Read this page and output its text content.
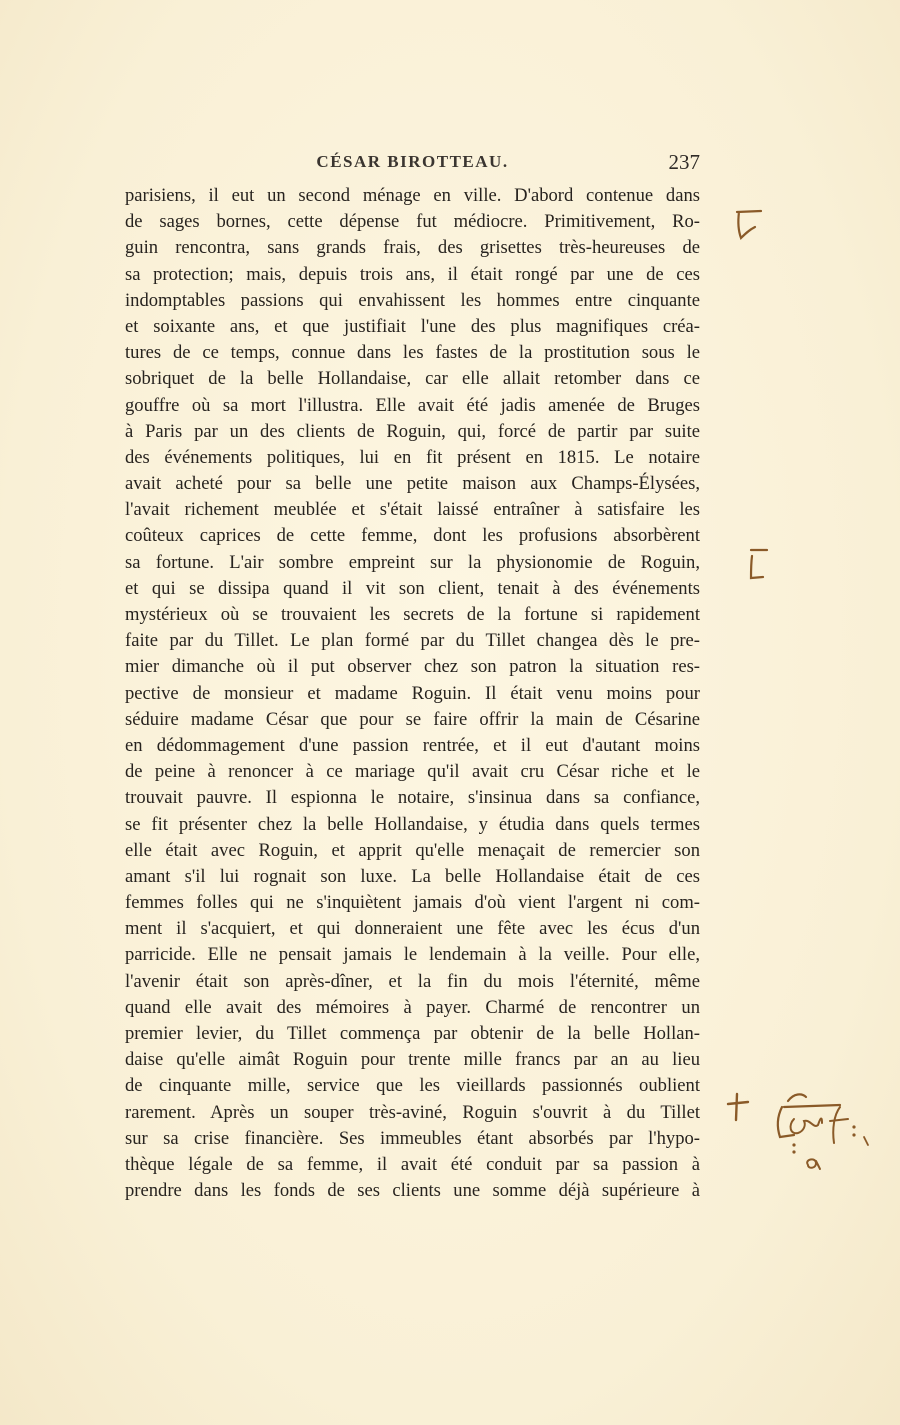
CÉSAR BIROTTEAU.	237
parisiens, il eut un second ménage en ville. D'abord contenue dans
de sages bornes, cette dépense fut médiocre. Primitivement, Ro-
guin rencontra, sans grands frais, des grisettes très-heureuses de
sa protection; mais, depuis trois ans, il était rongé par une de ces
indomptables passions qui envahissent les hommes entre cinquante
et soixante ans, et que justifiait l'une des plus magnifiques créa-
tures de ce temps, connue dans les fastes de la prostitution sous le
sobriquet de la belle Hollandaise, car elle allait retomber dans ce
gouffre où sa mort l'illustra. Elle avait été jadis amenée de Bruges
à Paris par un des clients de Roguin, qui, forcé de partir par suite
des événements politiques, lui en fit présent en 1815. Le notaire
avait acheté pour sa belle une petite maison aux Champs-Élysées,
l'avait richement meublée et s'était laissé entraîner à satisfaire les
coûteux caprices de cette femme, dont les profusions absorbèrent
sa fortune. L'air sombre empreint sur la physionomie de Roguin,
et qui se dissipa quand il vit son client, tenait à des événements
mystérieux où se trouvaient les secrets de la fortune si rapidement
faite par du Tillet. Le plan formé par du Tillet changea dès le pre-
mier dimanche où il put observer chez son patron la situation res-
pective de monsieur et madame Roguin. Il était venu moins pour
séduire madame César que pour se faire offrir la main de Césarine
en dédommagement d'une passion rentrée, et il eut d'autant moins
de peine à renoncer à ce mariage qu'il avait cru César riche et le
trouvait pauvre. Il espionna le notaire, s'insinua dans sa confiance,
se fit présenter chez la belle Hollandaise, y étudia dans quels termes
elle était avec Roguin, et apprit qu'elle menaçait de remercier son
amant s'il lui rognait son luxe. La belle Hollandaise était de ces
femmes folles qui ne s'inquiètent jamais d'où vient l'argent ni com-
ment il s'acquiert, et qui donneraient une fête avec les écus d'un
parricide. Elle ne pensait jamais le lendemain à la veille. Pour elle,
l'avenir était son après-dîner, et la fin du mois l'éternité, même
quand elle avait des mémoires à payer. Charmé de rencontrer un
premier levier, du Tillet commença par obtenir de la belle Hollan-
daise qu'elle aimât Roguin pour trente mille francs par an au lieu
de cinquante mille, service que les vieillards passionnés oublient
rarement. Après un souper très-aviné, Roguin s'ouvrit à du Tillet
sur sa crise financière. Ses immeubles étant absorbés par l'hypo-
thèque légale de sa femme, il avait été conduit par sa passion à
prendre dans les fonds de ses clients une somme déjà supérieure à
